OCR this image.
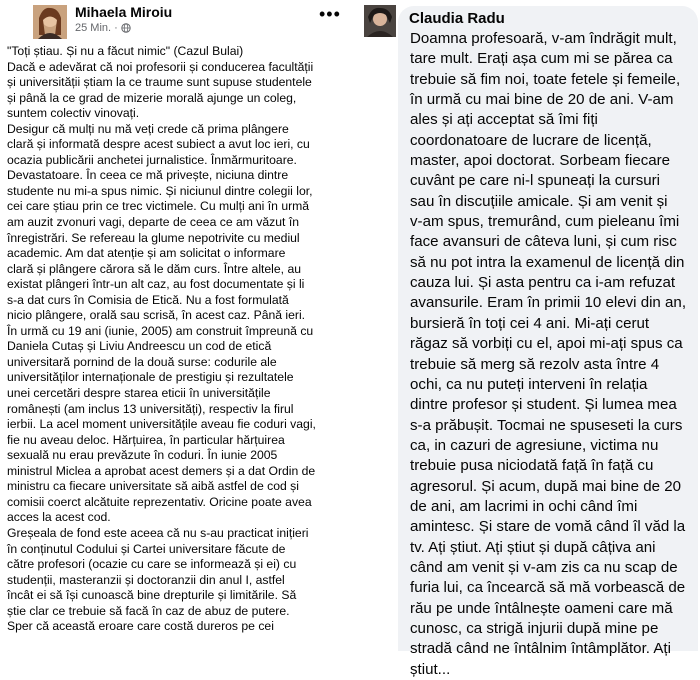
Mihaela Miroiu
25 Min. ·
•••
"Toți știau. Și nu a făcut nimic" (Cazul Bulai)
Dacă e adevărat că noi profesorii și conducerea facultății
și universității știam la ce traume sunt supuse studentele
și până la ce grad de mizerie morală ajunge un coleg,
suntem colectiv vinovați.
Desigur că mulți nu mă veți crede că prima plângere
clară și informată despre acest subiect a avut loc ieri, cu
ocazia publicării anchetei jurnalistice. Înmărmuritoare.
Devastatoare. În ceea ce mă privește, niciuna dintre
studente nu mi-a spus nimic. Și niciunul dintre colegii lor,
cei care știau prin ce trec victimele. Cu mulți ani în urmă
am auzit zvonuri vagi, departe de ceea ce am văzut în
înregistrări. Se refereau la glume nepotrivite cu mediul
academic. Am dat atenție și am solicitat o informare
clară și plângere cărora să le dăm curs. Între altele, au
existat plângeri într-un alt caz, au fost documentate și li
s-a dat curs în Comisia de Etică. Nu a fost formulată
nicio plângere, orală sau scrisă, în acest caz. Până ieri.
În urmă cu 19 ani (iunie, 2005) am construit împreună cu
Daniela Cutaș și Liviu Andreescu un cod de etică
universitară pornind de la două surse: codurile ale
universităților internaționale de prestigiu și rezultatele
unei cercetări despre starea eticii în universitățile
românești (am inclus 13 universități), respectiv la firul
ierbii. La acel moment universitățile aveau fie coduri vagi,
fie nu aveau deloc. Hărțuirea, în particular hărțuirea
sexuală nu erau prevăzute în coduri. În iunie 2005
ministrul Miclea a aprobat acest demers și a dat Ordin de
ministru ca fiecare universitate să aibă astfel de cod și
comisii coerct alcătuite reprezentativ. Oricine poate avea
acces la acest cod.
Greșeala de fond este aceea că nu s-au practicat inițieri
în conținutul Codului și Cartei universitare făcute de
către profesori (ocazie cu care se informează și ei) cu
studenții, masteranzii și doctoranzii din anul I, astfel
încât ei să își cunoască bine drepturile și limitările. Să
știe clar ce trebuie să facă în caz de abuz de putere.
Sper că această eroare care costă dureros pe cei
Claudia Radu
Doamna profesoară, v-am îndrăgit mult,
tare mult. Erați așa cum mi se părea ca
trebuie să fim noi, toate fetele și femeile,
în urmă cu mai bine de 20 de ani. V-am
ales și ați acceptat să îmi fiți
coordonatoare de lucrare de licență,
master, apoi doctorat. Sorbeam fiecare
cuvânt pe care ni-l spuneați la cursuri
sau în discuțiile amicale. Și am venit și
v-am spus, tremurând, cum pieleanu îmi
face avansuri de câteva luni, și cum risc
să nu pot intra la examenul de licență din
cauza lui. Și asta pentru ca i-am refuzat
avansurile. Eram în primii 10 elevi din an,
bursieră în toți cei 4 ani. Mi-ați cerut
răgaz să vorbiți cu el, apoi mi-ați spus ca
trebuie să merg să rezolv asta între 4
ochi, ca nu puteți interveni în relația
dintre profesor și student. Și lumea mea
s-a prăbușit. Tocmai ne spuseseti la curs
ca, in cazuri de agresiune, victima nu
trebuie pusa niciodată față în față cu
agresorul. Și acum, după mai bine de 20
de ani, am lacrimi in ochi când îmi
amintesc. Și stare de vomă când îl văd la
tv. Ați știut. Ați știut și după câțiva ani
când am venit și v-am zis ca nu scap de
furia lui, ca încearcă să mă vorbească de
rău pe unde întâlnește oameni care mă
cunosc, ca strigă injurii după mine pe
stradă când ne întâlnim întâmplător. Ați
știut...
